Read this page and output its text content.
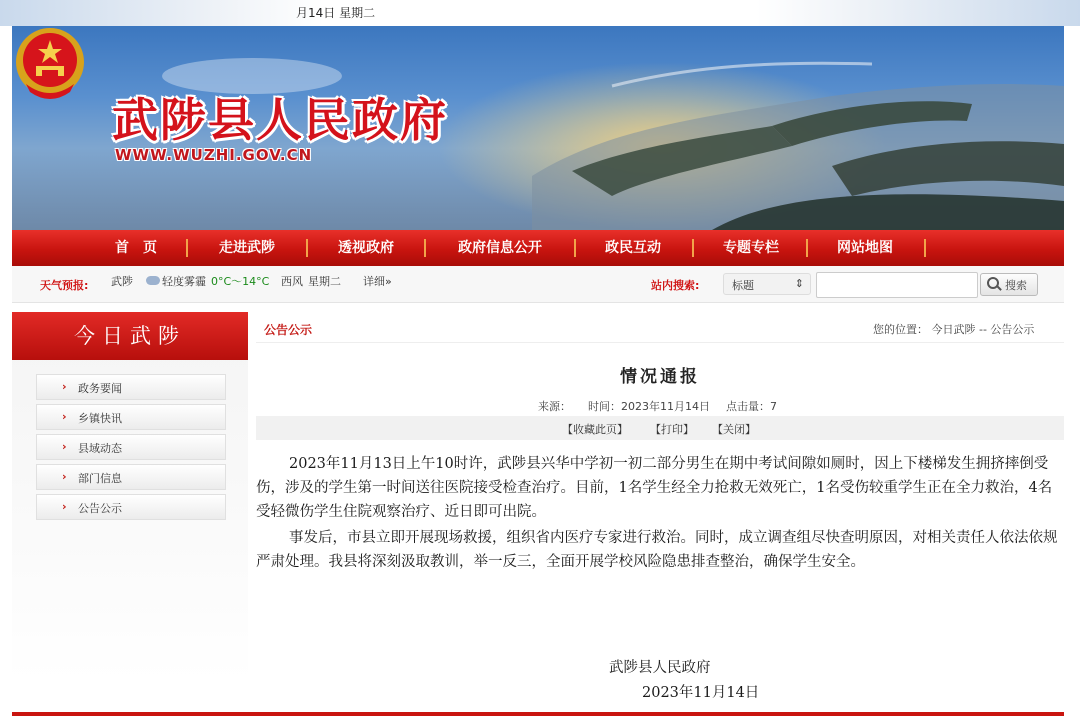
月14日 星期二
武陟县人民政府
WWW.WUZHI.GOV.CN
首　页	走进武陟	透视政府	政府信息公开	政民互动	专题专栏	网站地图
天气预报: 武陟	轻度雾霾 0°C～14°C 西风 星期二 详细»	站内搜索:	标题	⇕	搜索
今日武陟
› 政务要闻
› 乡镇快讯
› 县域动态
› 部门信息
› 公告公示
公告公示	您的位置： 今日武陟 -- 公告公示
情况通报
来源： 时间：2023年11月14日 点击量：7
【收藏此页】 【打印】 【关闭】

2023年11月13日上午10时许，武陟县兴华中学初一初二部分男生在期中考试间隙如厕时，因上下楼梯发生拥挤摔倒受伤，涉及的学生第一时间送往医院接受检查治疗。目前，1名学生经全力抢救无效死亡，1名受伤较重学生正在全力救治，4名受轻微伤学生住院观察治疗、近日即可出院。

事发后，市县立即开展现场救援，组织省内医疗专家进行救治。同时，成立调查组尽快查明原因，对相关责任人依法依规严肃处理。我县将深刻汲取教训，举一反三，全面开展学校风险隐患排查整治，确保学生安全。

武陟县人民政府
2023年11月14日
